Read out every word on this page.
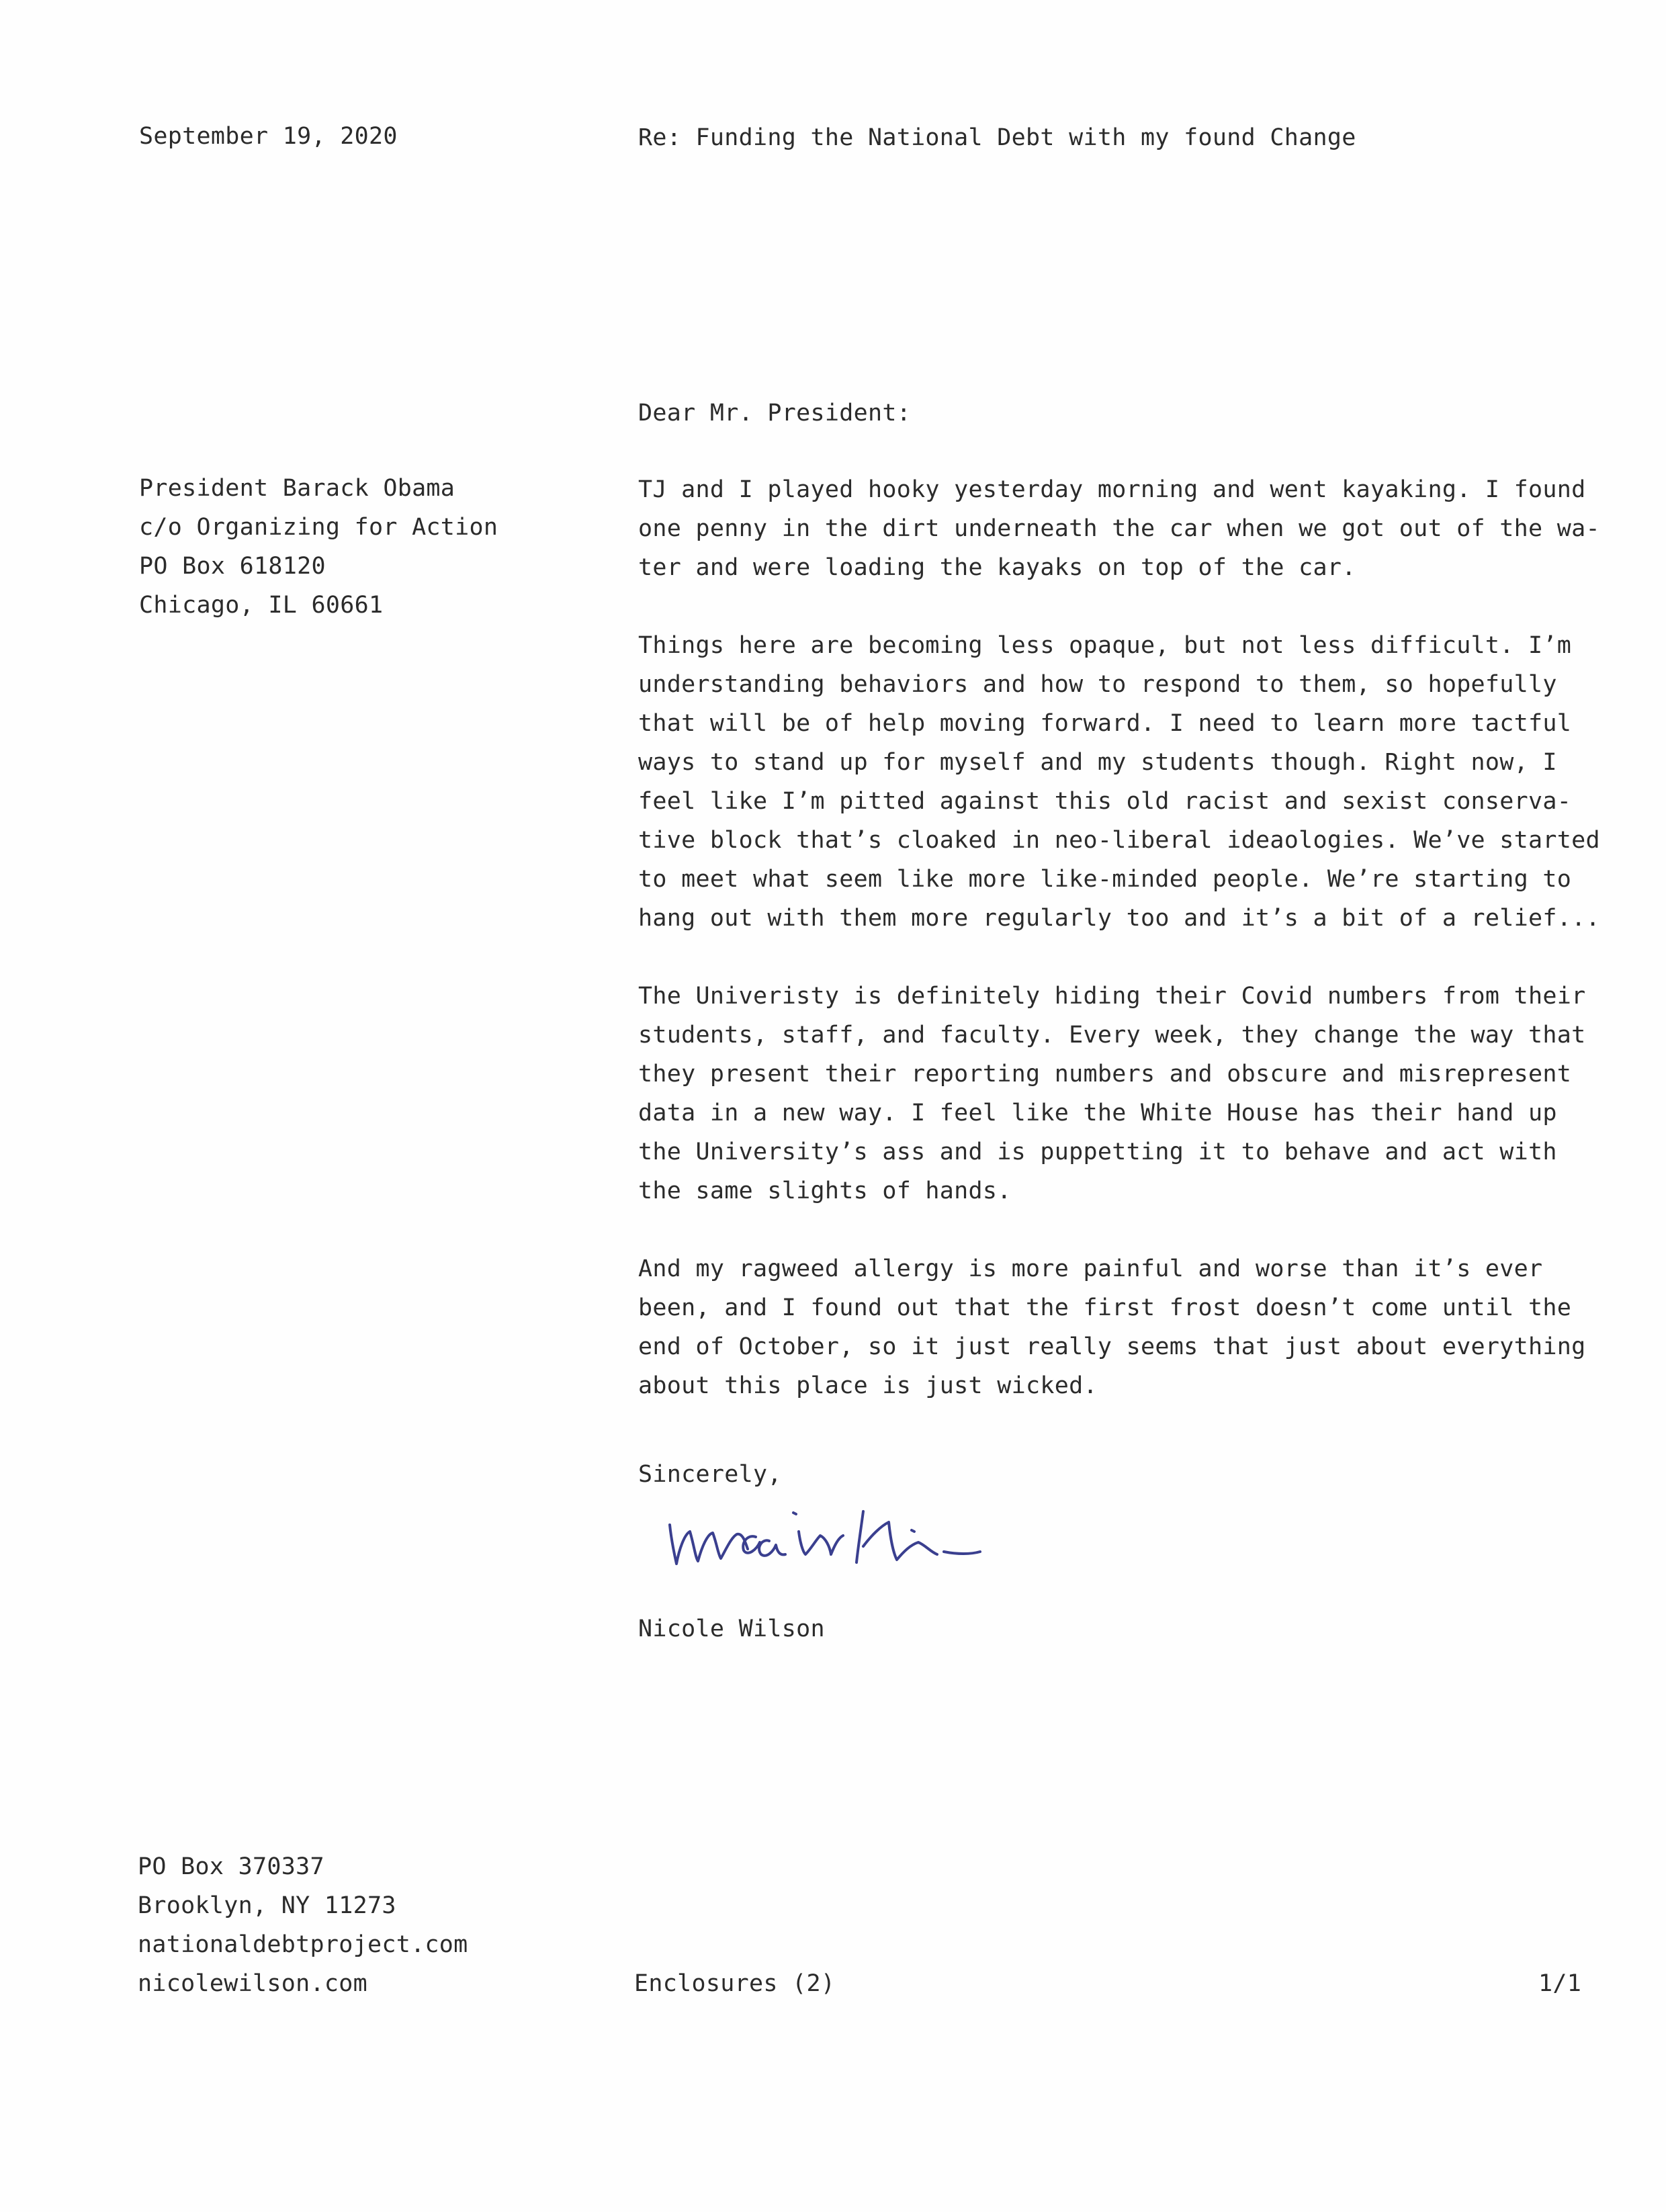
September 19, 2020	Re: Funding the National Debt with my found Change
Dear Mr. President:
President Barack Obama
c/o Organizing for Action
PO Box 618120
Chicago, IL 60661
TJ and I played hooky yesterday morning and went kayaking. I found
one penny in the dirt underneath the car when we got out of the wa-
ter and were loading the kayaks on top of the car.
Things here are becoming less opaque, but not less difficult. I’m
understanding behaviors and how to respond to them, so hopefully
that will be of help moving forward. I need to learn more tactful
ways to stand up for myself and my students though. Right now, I
feel like I’m pitted against this old racist and sexist conserva-
tive block that’s cloaked in neo-liberal ideaologies. We’ve started
to meet what seem like more like-minded people. We’re starting to
hang out with them more regularly too and it’s a bit of a relief...
The Univeristy is definitely hiding their Covid numbers from their
students, staff, and faculty. Every week, they change the way that
they present their reporting numbers and obscure and misrepresent
data in a new way. I feel like the White House has their hand up
the University’s ass and is puppetting it to behave and act with
the same slights of hands.
And my ragweed allergy is more painful and worse than it’s ever
been, and I found out that the first frost doesn’t come until the
end of October, so it just really seems that just about everything
about this place is just wicked.
Sincerely,
Nicole Wilson
PO Box 370337
Brooklyn, NY 11273
nationaldebtproject.com
nicolewilson.com	Enclosures (2)	1/1
